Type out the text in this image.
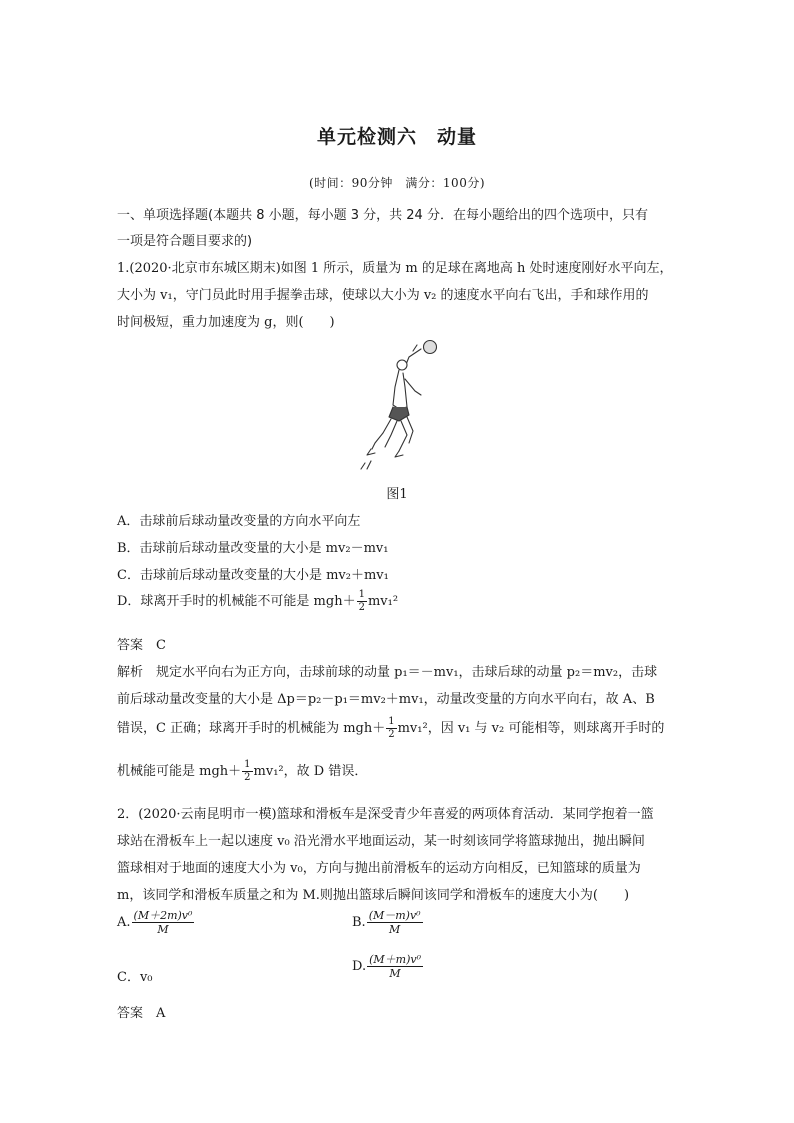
单元检测六　动量
(时间：90分钟　满分：100分)
一、单项选择题(本题共 8 小题，每小题 3 分，共 24 分．在每小题给出的四个选项中，只有
一项是符合题目要求的)
1.(2020·北京市东城区期末)如图 1 所示，质量为 m 的足球在离地高 h 处时速度刚好水平向左，
大小为 v₁，守门员此时用手握拳击球，使球以大小为 v₂ 的速度水平向右飞出，手和球作用的
时间极短，重力加速度为 g，则(　　)
图1
A．击球前后球动量改变量的方向水平向左
B．击球前后球动量改变量的大小是 mv₂－mv₁
C．击球前后球动量改变量的大小是 mv₂＋mv₁
D．球离开手时的机械能不可能是 $mgh+ \frac{1}{2} mv_1^2$
答案　C
解析　规定水平向右为正方向，击球前球的动量 p₁＝－mv₁，击球后球的动量 p₂＝mv₂，击球
前后球动量改变量的大小是 Δp＝p₂－p₁＝mv₂＋mv₁，动量改变量的方向水平向右，故 A、B
错误，C 正确；球离开手时的机械能为 $mgh+ \frac{1}{2} mv_1^2$，因 v₁ 与 v₂ 可能相等，则球离开手时的
机械能可能是 $mgh+ \frac{1}{2} mv_1^2$，故 D 错误．
2．(2020·云南昆明市一模)篮球和滑板车是深受青少年喜爱的两项体育活动．某同学抱着一篮
球站在滑板车上一起以速度 v₀ 沿光滑水平地面运动，某一时刻该同学将篮球抛出，抛出瞬间
篮球相对于地面的速度大小为 v₀，方向与抛出前滑板车的运动方向相反，已知篮球的质量为
m，该同学和滑板车质量之和为 M.则抛出篮球后瞬间该同学和滑板车的速度大小为(　　)
A. $\frac{\text{(M＋2m)v⁰}}{M}$	B. $\frac{\text{(M－m)v⁰}}{M}$
C．v₀
D. $\frac{\text{(M＋m)v⁰}}{M}$
答案　A
